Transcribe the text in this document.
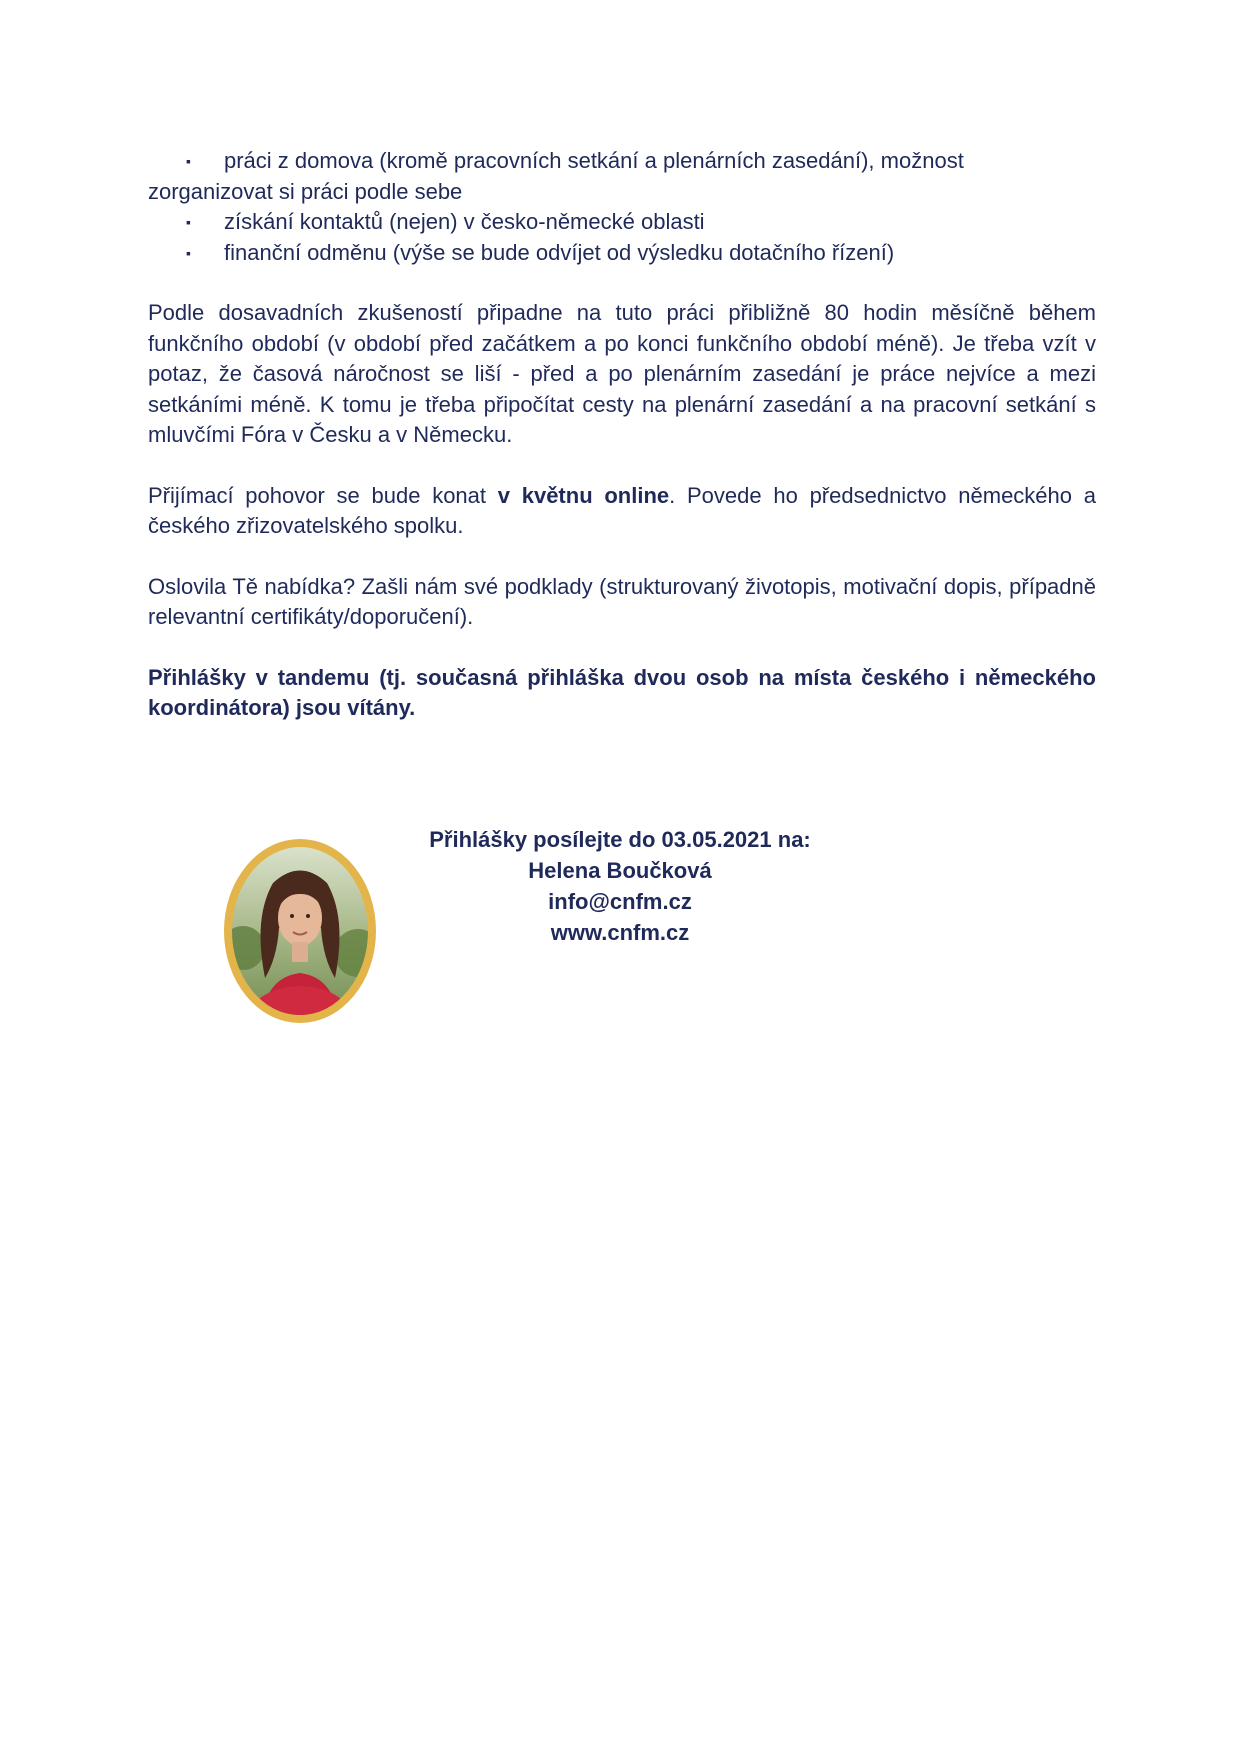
▪	práci z domova (kromě pracovních setkání a plenárních zasedání), možnost
zorganizovat si práci podle sebe
▪ získání kontaktů (nejen) v česko-německé oblasti
▪ finanční odměnu (výše se bude odvíjet od výsledku dotačního řízení)

Podle dosavadních zkušeností připadne na tuto práci přibližně 80 hodin měsíčně během funkčního období (v období před začátkem a po konci funkčního období méně). Je třeba vzít v potaz, že časová náročnost se liší - před a po plenárním zasedání je práce nejvíce a mezi setkáními méně. K tomu je třeba připočítat cesty na plenární zasedání a na pracovní setkání s mluvčími Fóra v Česku a v Německu.

Přijímací pohovor se bude konat v květnu online. Povede ho předsednictvo německého a českého zřizovatelského spolku.

Oslovila Tě nabídka? Zašli nám své podklady (strukturovaný životopis, motivační dopis, případně relevantní certifikáty/doporučení).

Přihlášky v tandemu (tj. současná přihláška dvou osob na místa českého i německého koordinátora) jsou vítány.

Přihlášky posílejte do 03.05.2021 na:
Helena Boučková
info@cnfm.cz
www.cnfm.cz
